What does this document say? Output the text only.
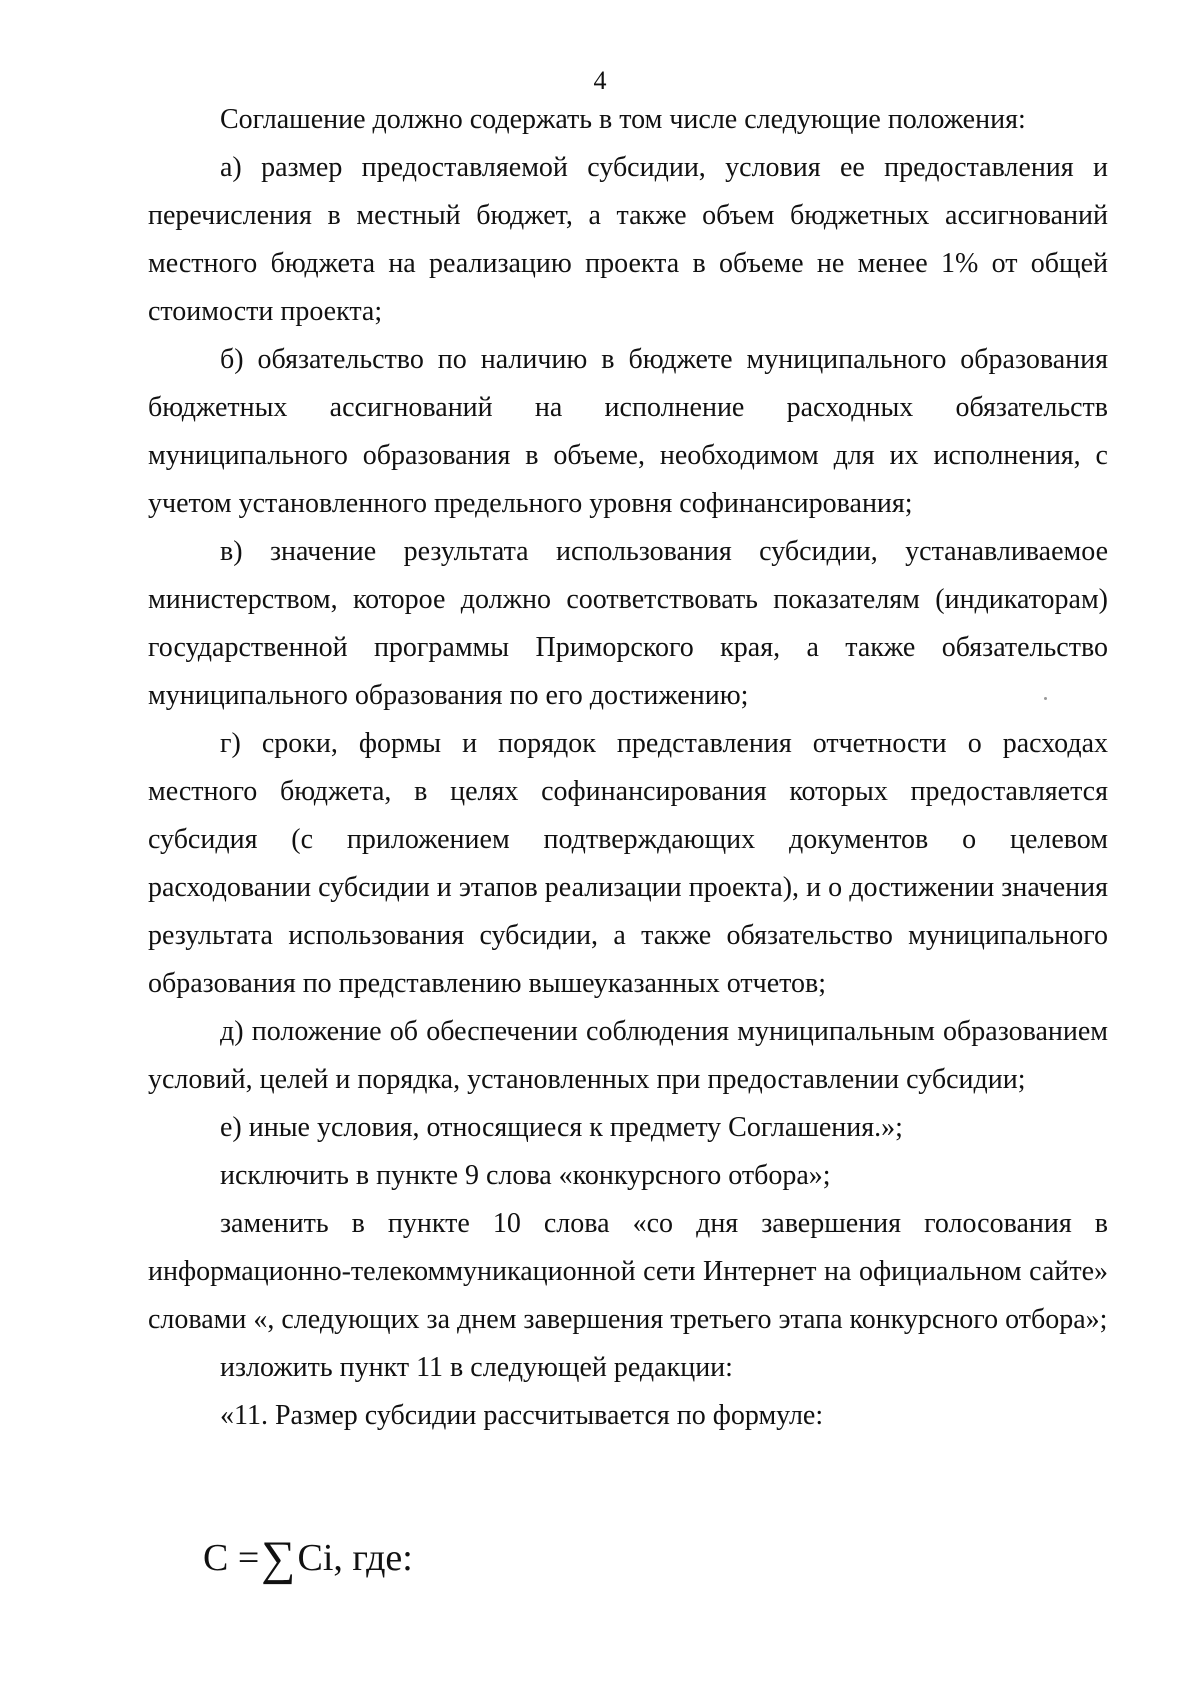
4

Соглашение должно содержать в том числе следующие положения:

а) размер предоставляемой субсидии, условия ее предоставления и перечисления в местный бюджет, а также объем бюджетных ассигнований местного бюджета на реализацию проекта в объеме не менее 1% от общей стоимости проекта;

б) обязательство по наличию в бюджете муниципального образования бюджетных ассигнований на исполнение расходных обязательств муниципального образования в объеме, необходимом для их исполнения, с учетом установленного предельного уровня софинансирования;

в) значение результата использования субсидии, устанавливаемое министерством, которое должно соответствовать показателям (индикаторам) государственной программы Приморского края, а также обязательство муниципального образования по его достижению;

г) сроки, формы и порядок представления отчетности о расходах местного бюджета, в целях софинансирования которых предоставляется субсидия (с приложением подтверждающих документов о целевом расходовании субсидии и этапов реализации проекта), и о достижении значения результата использования субсидии, а также обязательство муниципального образования по представлению вышеуказанных отчетов;

д) положение об обеспечении соблюдения муниципальным образованием условий, целей и порядка, установленных при предоставлении субсидии;

е) иные условия, относящиеся к предмету Соглашения.»;

исключить в пункте 9 слова «конкурсного отбора»;

заменить в пункте 10 слова «со дня завершения голосования в информационно-телекоммуникационной сети Интернет на официальном сайте» словами «, следующих за днем завершения третьего этапа конкурсного отбора»;

изложить пункт 11 в следующей редакции:

«11. Размер субсидии рассчитывается по формуле:

C =∑Ci, где:
